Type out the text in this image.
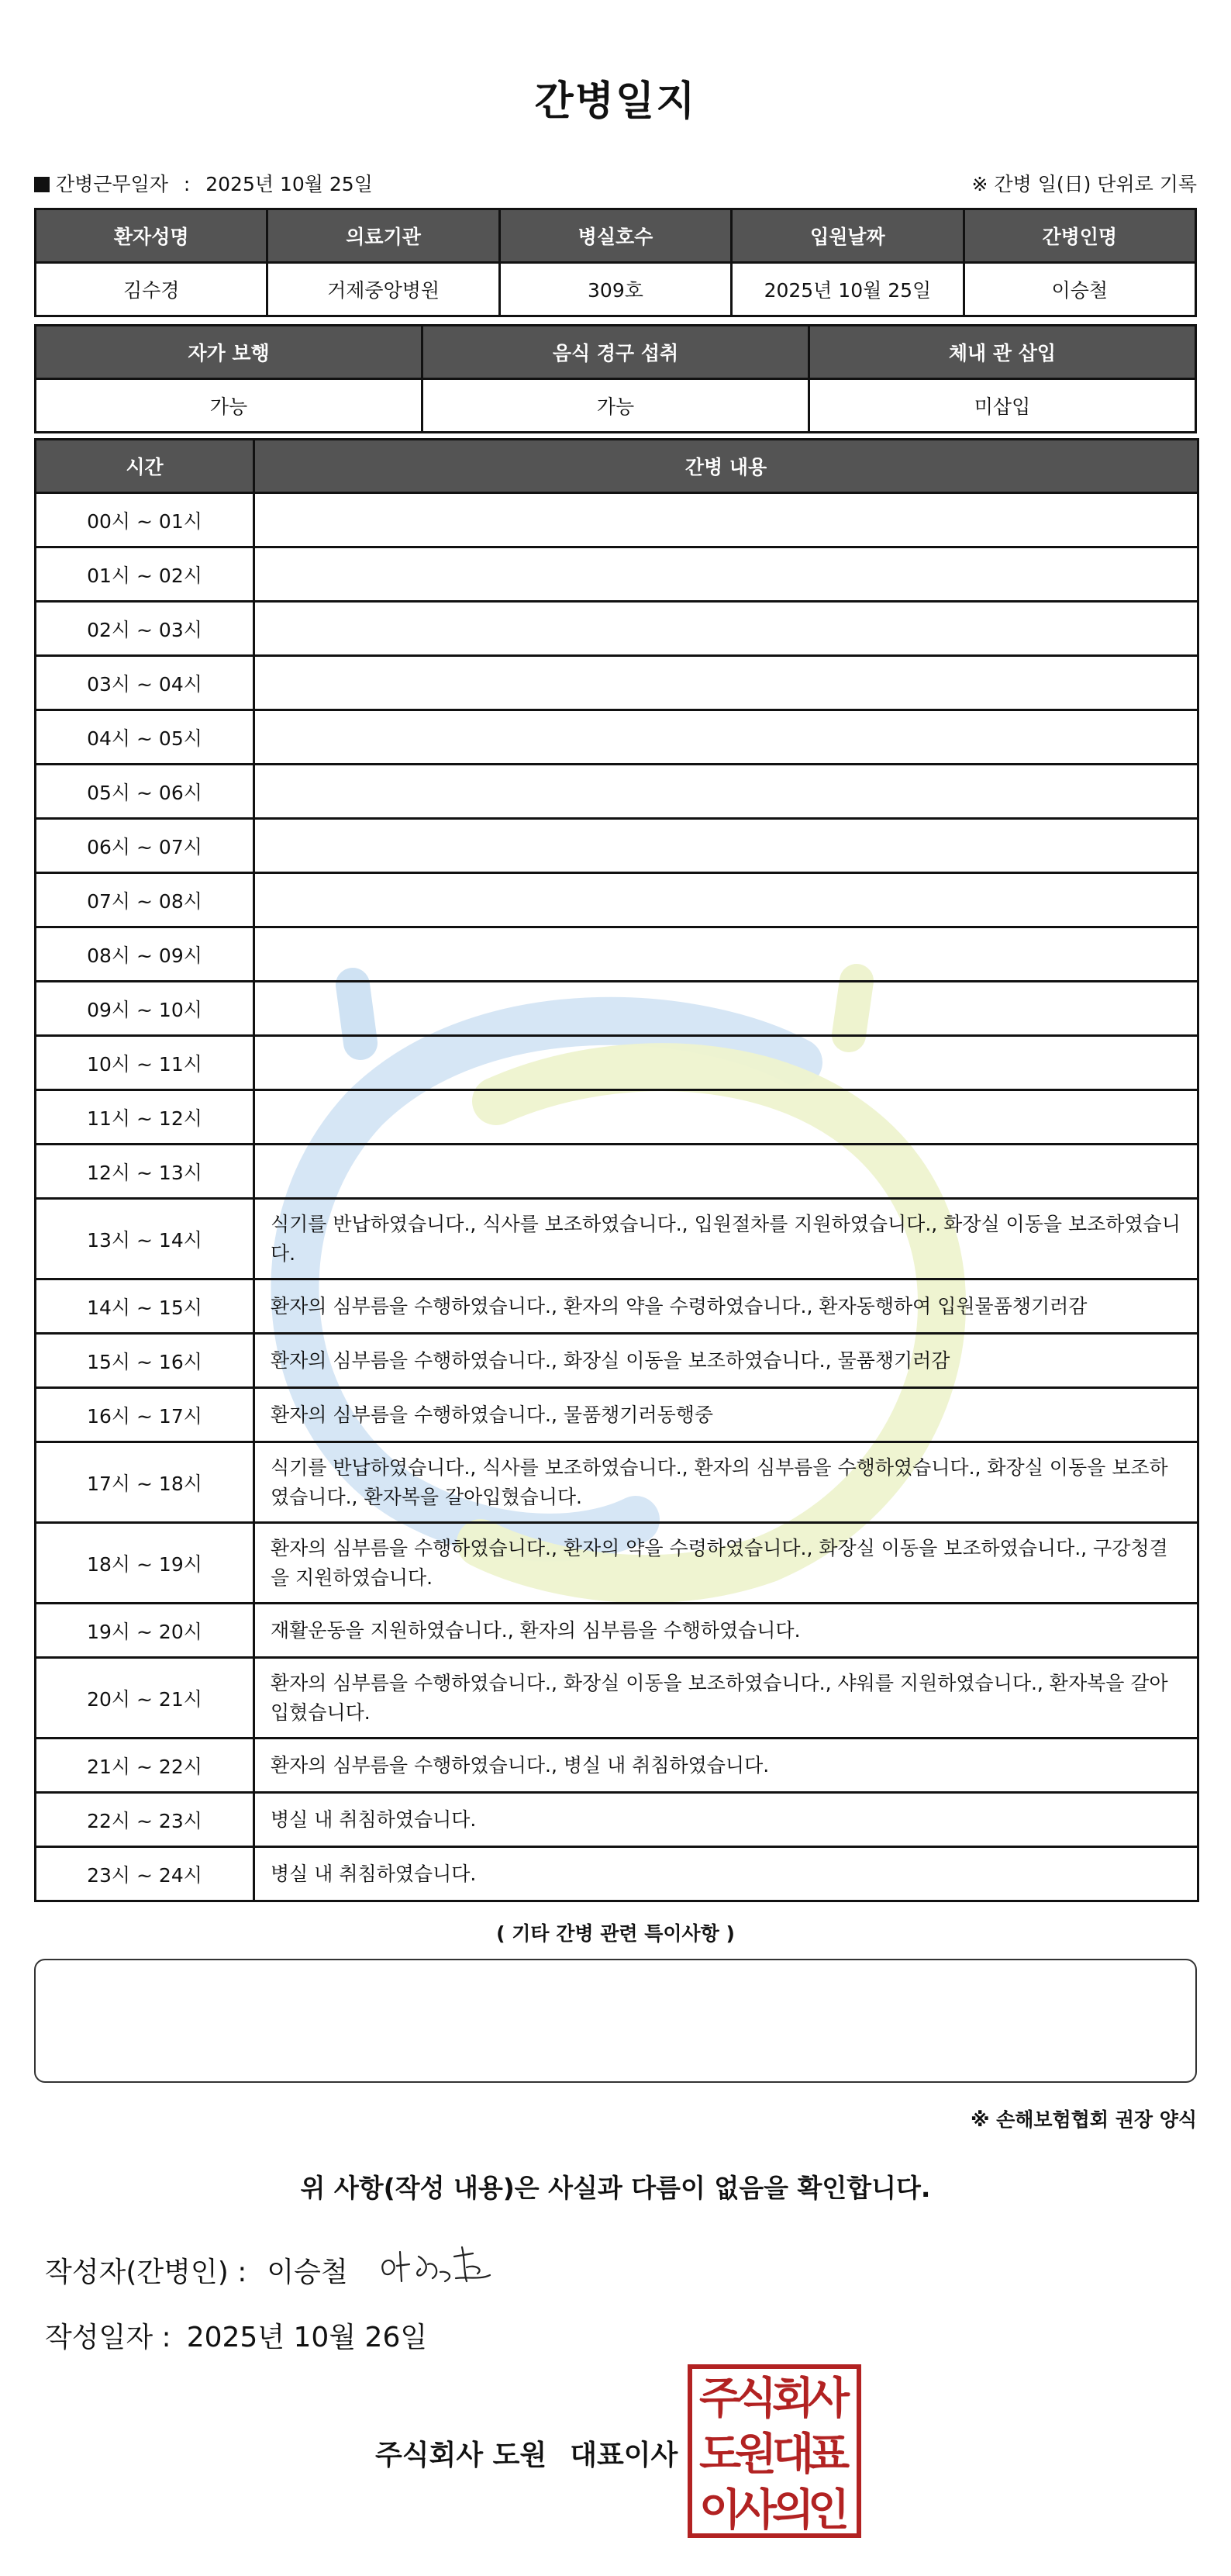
간병일지
간병근무일자 : 2025년 10월 25일	※ 간병 일(日) 단위로 기록
환자성명	의료기관	병실호수	입원날짜	간병인명
김수경	거제중앙병원	309호	2025년 10월 25일	이승철
자가 보행	음식 경구 섭취	체내 관 삽입
가능	가능	미삽입
시간	간병 내용
00시 ~ 01시	
01시 ~ 02시	
02시 ~ 03시	
03시 ~ 04시	
04시 ~ 05시	
05시 ~ 06시	
06시 ~ 07시	
07시 ~ 08시	
08시 ~ 09시	
09시 ~ 10시	
10시 ~ 11시	
11시 ~ 12시	
12시 ~ 13시	
13시 ~ 14시	식기를 반납하였습니다., 식사를 보조하였습니다., 입원절차를 지원하였습니다., 화장실 이동을 보조하였습니다.
14시 ~ 15시	환자의 심부름을 수행하였습니다., 환자의 약을 수령하였습니다., 환자동행하여 입원물품챙기러감
15시 ~ 16시	환자의 심부름을 수행하였습니다., 화장실 이동을 보조하였습니다., 물품챙기러감
16시 ~ 17시	환자의 심부름을 수행하였습니다., 물품챙기러동행중
17시 ~ 18시	식기를 반납하였습니다., 식사를 보조하였습니다., 환자의 심부름을 수행하였습니다., 화장실 이동을 보조하였습니다., 환자복을 갈아입혔습니다.
18시 ~ 19시	환자의 심부름을 수행하였습니다., 환자의 약을 수령하였습니다., 화장실 이동을 보조하였습니다., 구강청결을 지원하였습니다.
19시 ~ 20시	재활운동을 지원하였습니다., 환자의 심부름을 수행하였습니다.
20시 ~ 21시	환자의 심부름을 수행하였습니다., 화장실 이동을 보조하였습니다., 샤워를 지원하였습니다., 환자복을 갈아입혔습니다.
21시 ~ 22시	환자의 심부름을 수행하였습니다., 병실 내 취침하였습니다.
22시 ~ 23시	병실 내 취침하였습니다.
23시 ~ 24시	병실 내 취침하였습니다.
( 기타 간병 관련 특이사항 )
※ 손해보험협회 권장 양식
위 사항(작성 내용)은 사실과 다름이 없음을 확인합니다.
작성자(간병인) : 이승철
작성일자 : 2025년 10월 26일
주식회사 도원 대표이사
주
식
회
사
도
원
대
표
이
사
의
인
